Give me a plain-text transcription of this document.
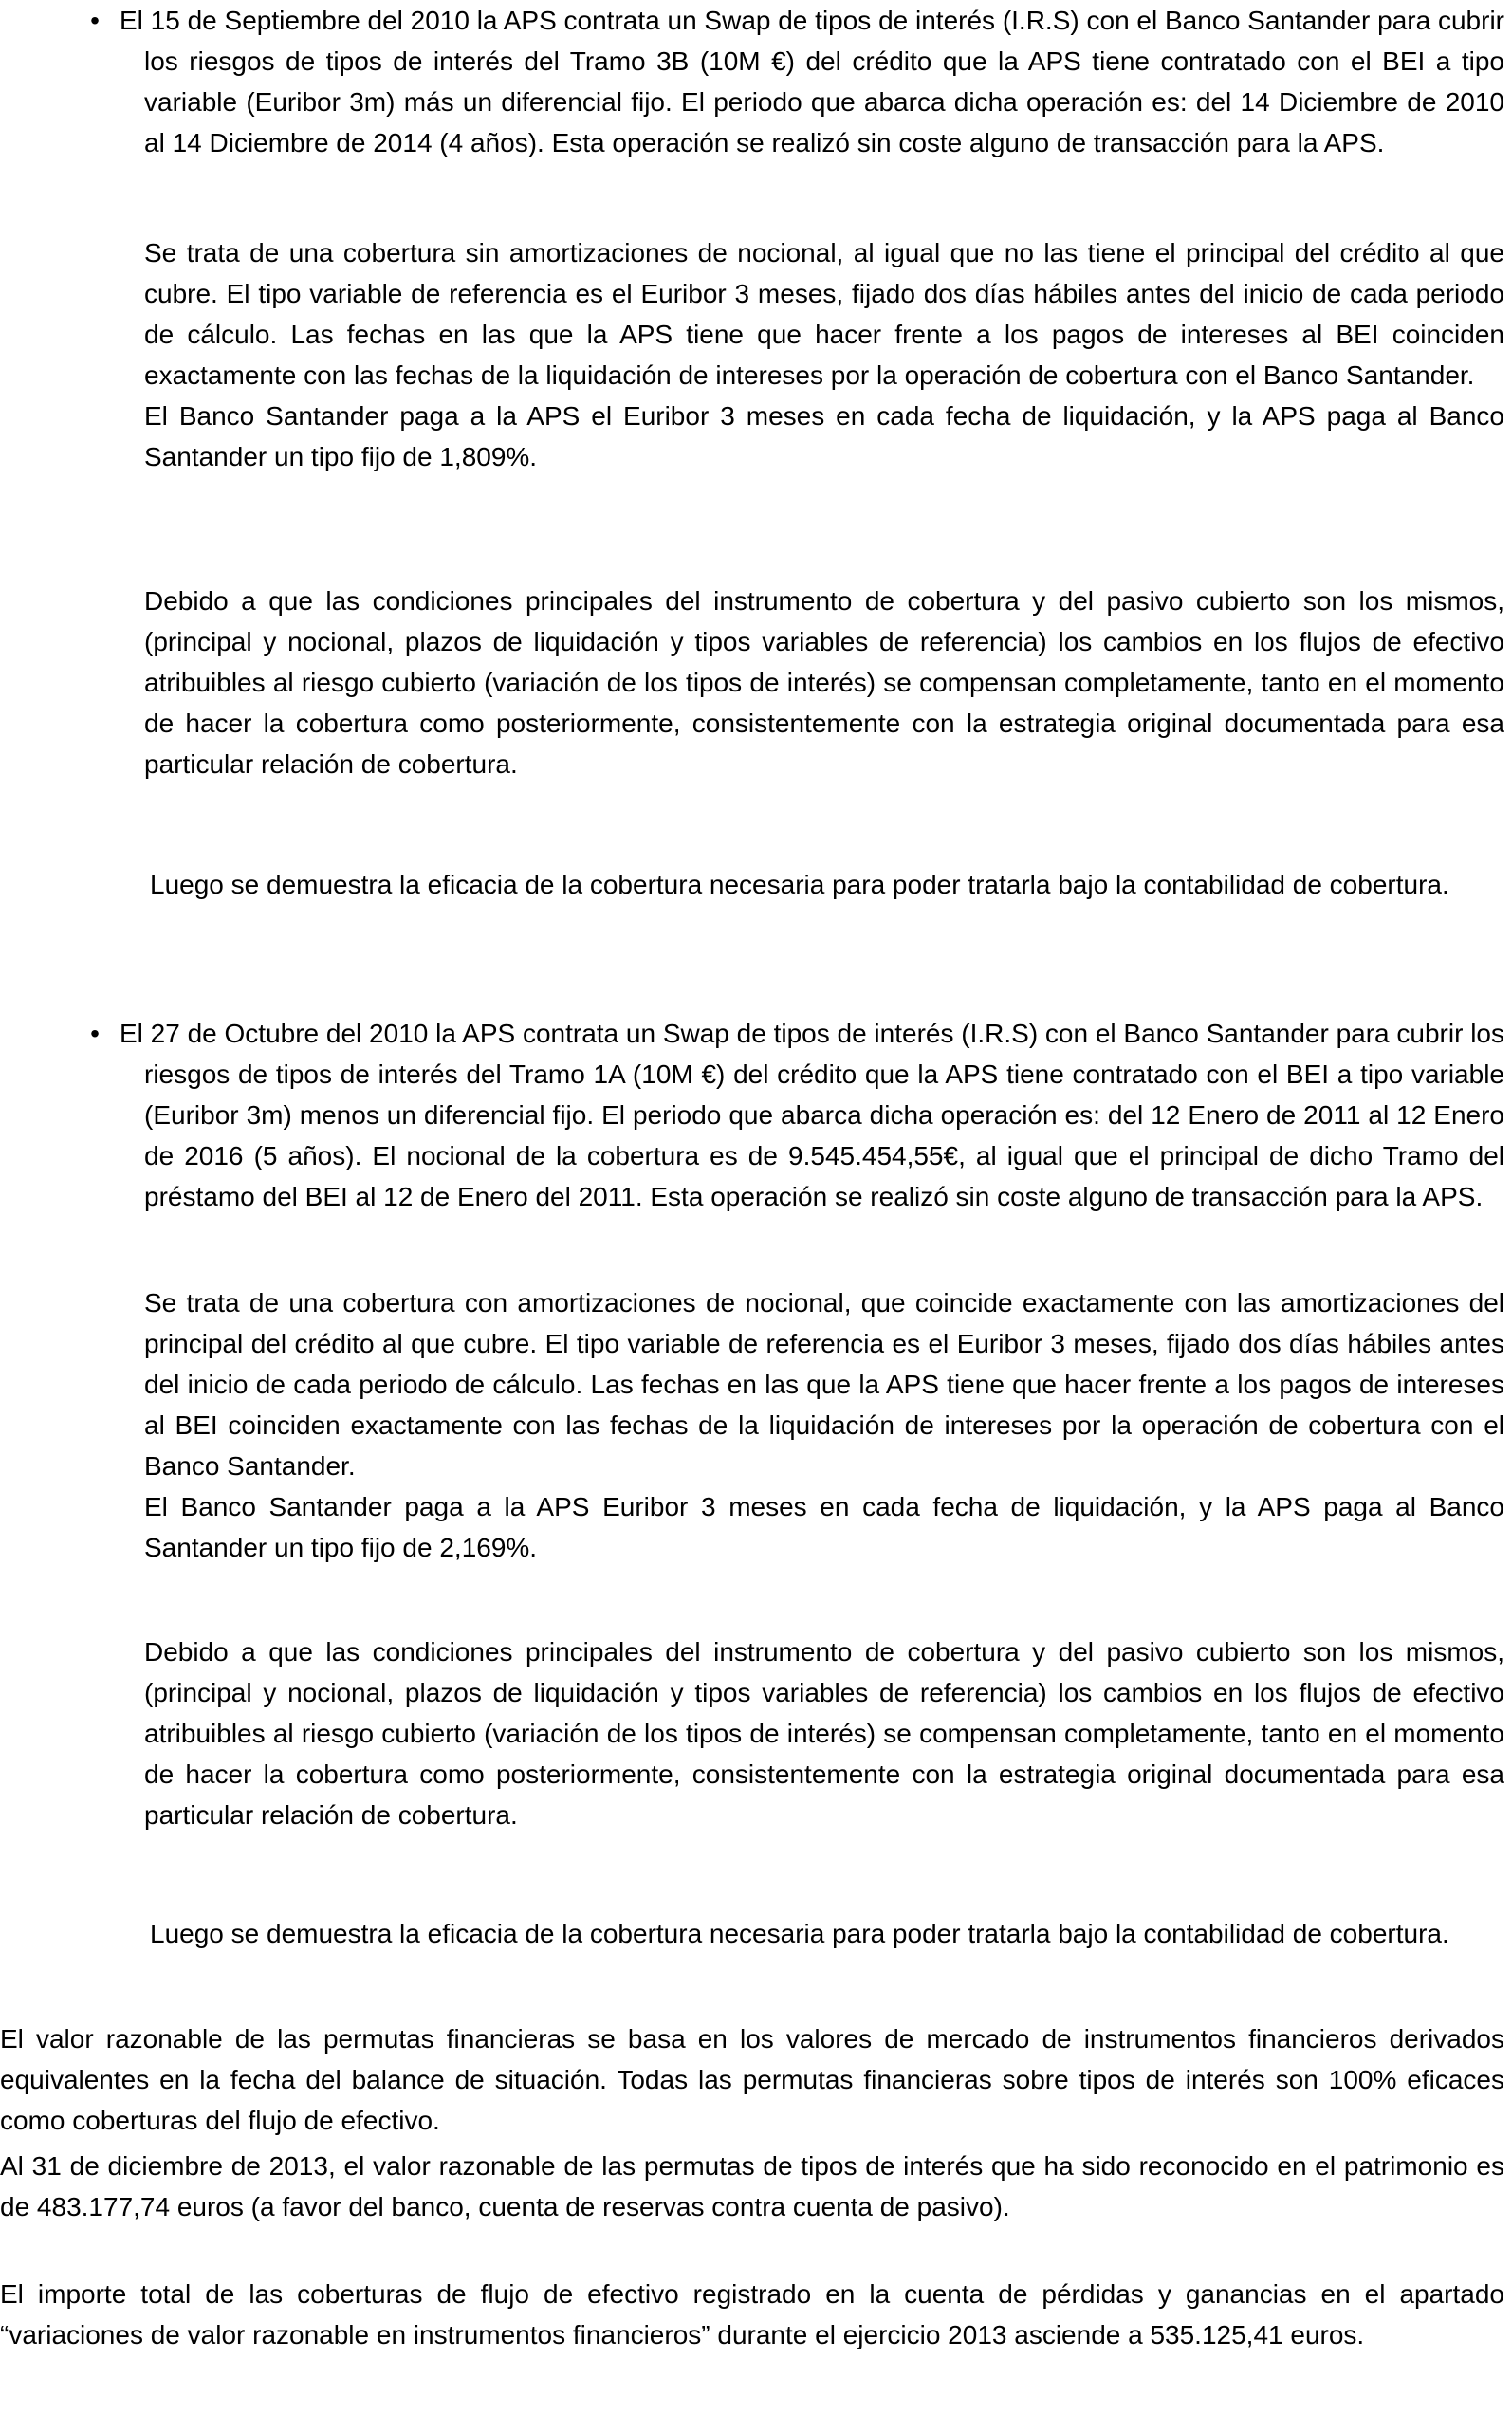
• El 15 de Septiembre del 2010 la APS contrata un Swap de tipos de interés (I.R.S) con el Banco Santander para cubrir los riesgos de tipos de interés del Tramo 3B (10M €) del crédito que la APS tiene contratado con el BEI a tipo variable (Euribor 3m) más un diferencial fijo. El periodo que abarca dicha operación es: del 14 Diciembre de 2010 al 14 Diciembre de 2014 (4 años). Esta operación se realizó sin coste alguno de transacción para la APS.

Se trata de una cobertura sin amortizaciones de nocional, al igual que no las tiene el principal del crédito al que cubre. El tipo variable de referencia es el Euribor 3 meses, fijado dos días hábiles antes del inicio de cada periodo de cálculo. Las fechas en las que la APS tiene que hacer frente a los pagos de intereses al BEI coinciden exactamente con las fechas de la liquidación de intereses por la operación de cobertura con el Banco Santander.

El Banco Santander paga a la APS el Euribor 3 meses en cada fecha de liquidación, y la APS paga al Banco Santander un tipo fijo de 1,809%.

Debido a que las condiciones principales del instrumento de cobertura y del pasivo cubierto son los mismos, (principal y nocional, plazos de liquidación y tipos variables de referencia) los cambios en los flujos de efectivo atribuibles al riesgo cubierto (variación de los tipos de interés) se compensan completamente, tanto en el momento de hacer la cobertura como posteriormente, consistentemente con la estrategia original documentada para esa particular relación de cobertura.

Luego se demuestra la eficacia de la cobertura necesaria para poder tratarla bajo la contabilidad de cobertura.

• El 27 de Octubre del 2010 la APS contrata un Swap de tipos de interés (I.R.S) con el Banco Santander para cubrir los riesgos de tipos de interés del Tramo 1A (10M €) del crédito que la APS tiene contratado con el BEI a tipo variable (Euribor 3m) menos un diferencial fijo. El periodo que abarca dicha operación es: del 12 Enero de 2011 al 12 Enero de 2016 (5 años). El nocional de la cobertura es de 9.545.454,55€, al igual que el principal de dicho Tramo del préstamo del BEI al 12 de Enero del 2011. Esta operación se realizó sin coste alguno de transacción para la APS.

Se trata de una cobertura con amortizaciones de nocional, que coincide exactamente con las amortizaciones del principal del crédito al que cubre. El tipo variable de referencia es el Euribor 3 meses, fijado dos días hábiles antes del inicio de cada periodo de cálculo. Las fechas en las que la APS tiene que hacer frente a los pagos de intereses al BEI coinciden exactamente con las fechas de la liquidación de intereses por la operación de cobertura con el Banco Santander.

El Banco Santander paga a la APS Euribor 3 meses en cada fecha de liquidación, y la APS paga al Banco Santander un tipo fijo de 2,169%.

Debido a que las condiciones principales del instrumento de cobertura y del pasivo cubierto son los mismos, (principal y nocional, plazos de liquidación y tipos variables de referencia) los cambios en los flujos de efectivo atribuibles al riesgo cubierto (variación de los tipos de interés) se compensan completamente, tanto en el momento de hacer la cobertura como posteriormente, consistentemente con la estrategia original documentada para esa particular relación de cobertura.

Luego se demuestra la eficacia de la cobertura necesaria para poder tratarla bajo la contabilidad de cobertura.

El valor razonable de las permutas financieras se basa en los valores de mercado de instrumentos financieros derivados equivalentes en la fecha del balance de situación. Todas las permutas financieras sobre tipos de interés son 100% eficaces como coberturas del flujo de efectivo.

Al 31 de diciembre de 2013, el valor razonable de las permutas de tipos de interés que ha sido reconocido en el patrimonio es de 483.177,74 euros (a favor del banco, cuenta de reservas contra cuenta de pasivo).

El importe total de las coberturas de flujo de efectivo registrado en la cuenta de pérdidas y ganancias en el apartado “variaciones de valor razonable en instrumentos financieros” durante el ejercicio 2013 asciende a 535.125,41 euros.
